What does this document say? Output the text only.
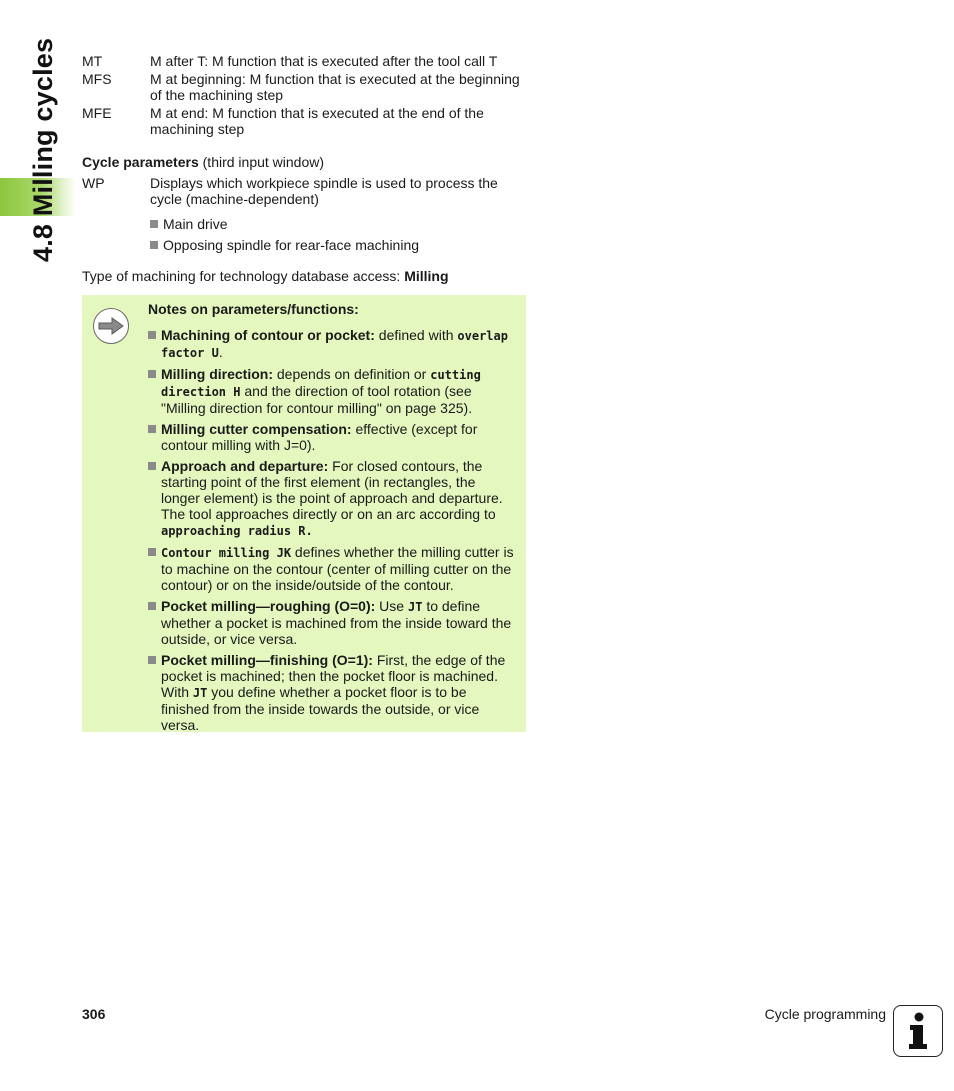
4.8 Milling cycles MT	M after T: M function that is executed after the tool call T
MFS	M at beginning: M function that is executed at the beginning of the machining step
MFE	M at end: M function that is executed at the end of the machining step
Cycle parameters (third input window)
WP	Displays which workpiece spindle is used to process the cycle (machine-dependent)
Main drive
Opposing spindle for rear-face machining
Type of machining for technology database access: Milling
Notes on parameters/functions:
Machining of contour or pocket: defined with overlap factor U.
Milling direction: depends on definition or cutting direction H and the direction of tool rotation (see "Milling direction for contour milling" on page 325).
Milling cutter compensation: effective (except for contour milling with J=0).
Approach and departure: For closed contours, the starting point of the first element (in rectangles, the longer element) is the point of approach and departure. The tool approaches directly or on an arc according to approaching radius R.
Contour milling JK defines whether the milling cutter is to machine on the contour (center of milling cutter on the contour) or on the inside/outside of the contour.
Pocket milling—roughing (O=0): Use JT to define whether a pocket is machined from the inside toward the outside, or vice versa.
Pocket milling—finishing (O=1): First, the edge of the pocket is machined; then the pocket floor is machined. With JT you define whether a pocket floor is to be finished from the inside towards the outside, or vice versa.
306	Cycle programming
